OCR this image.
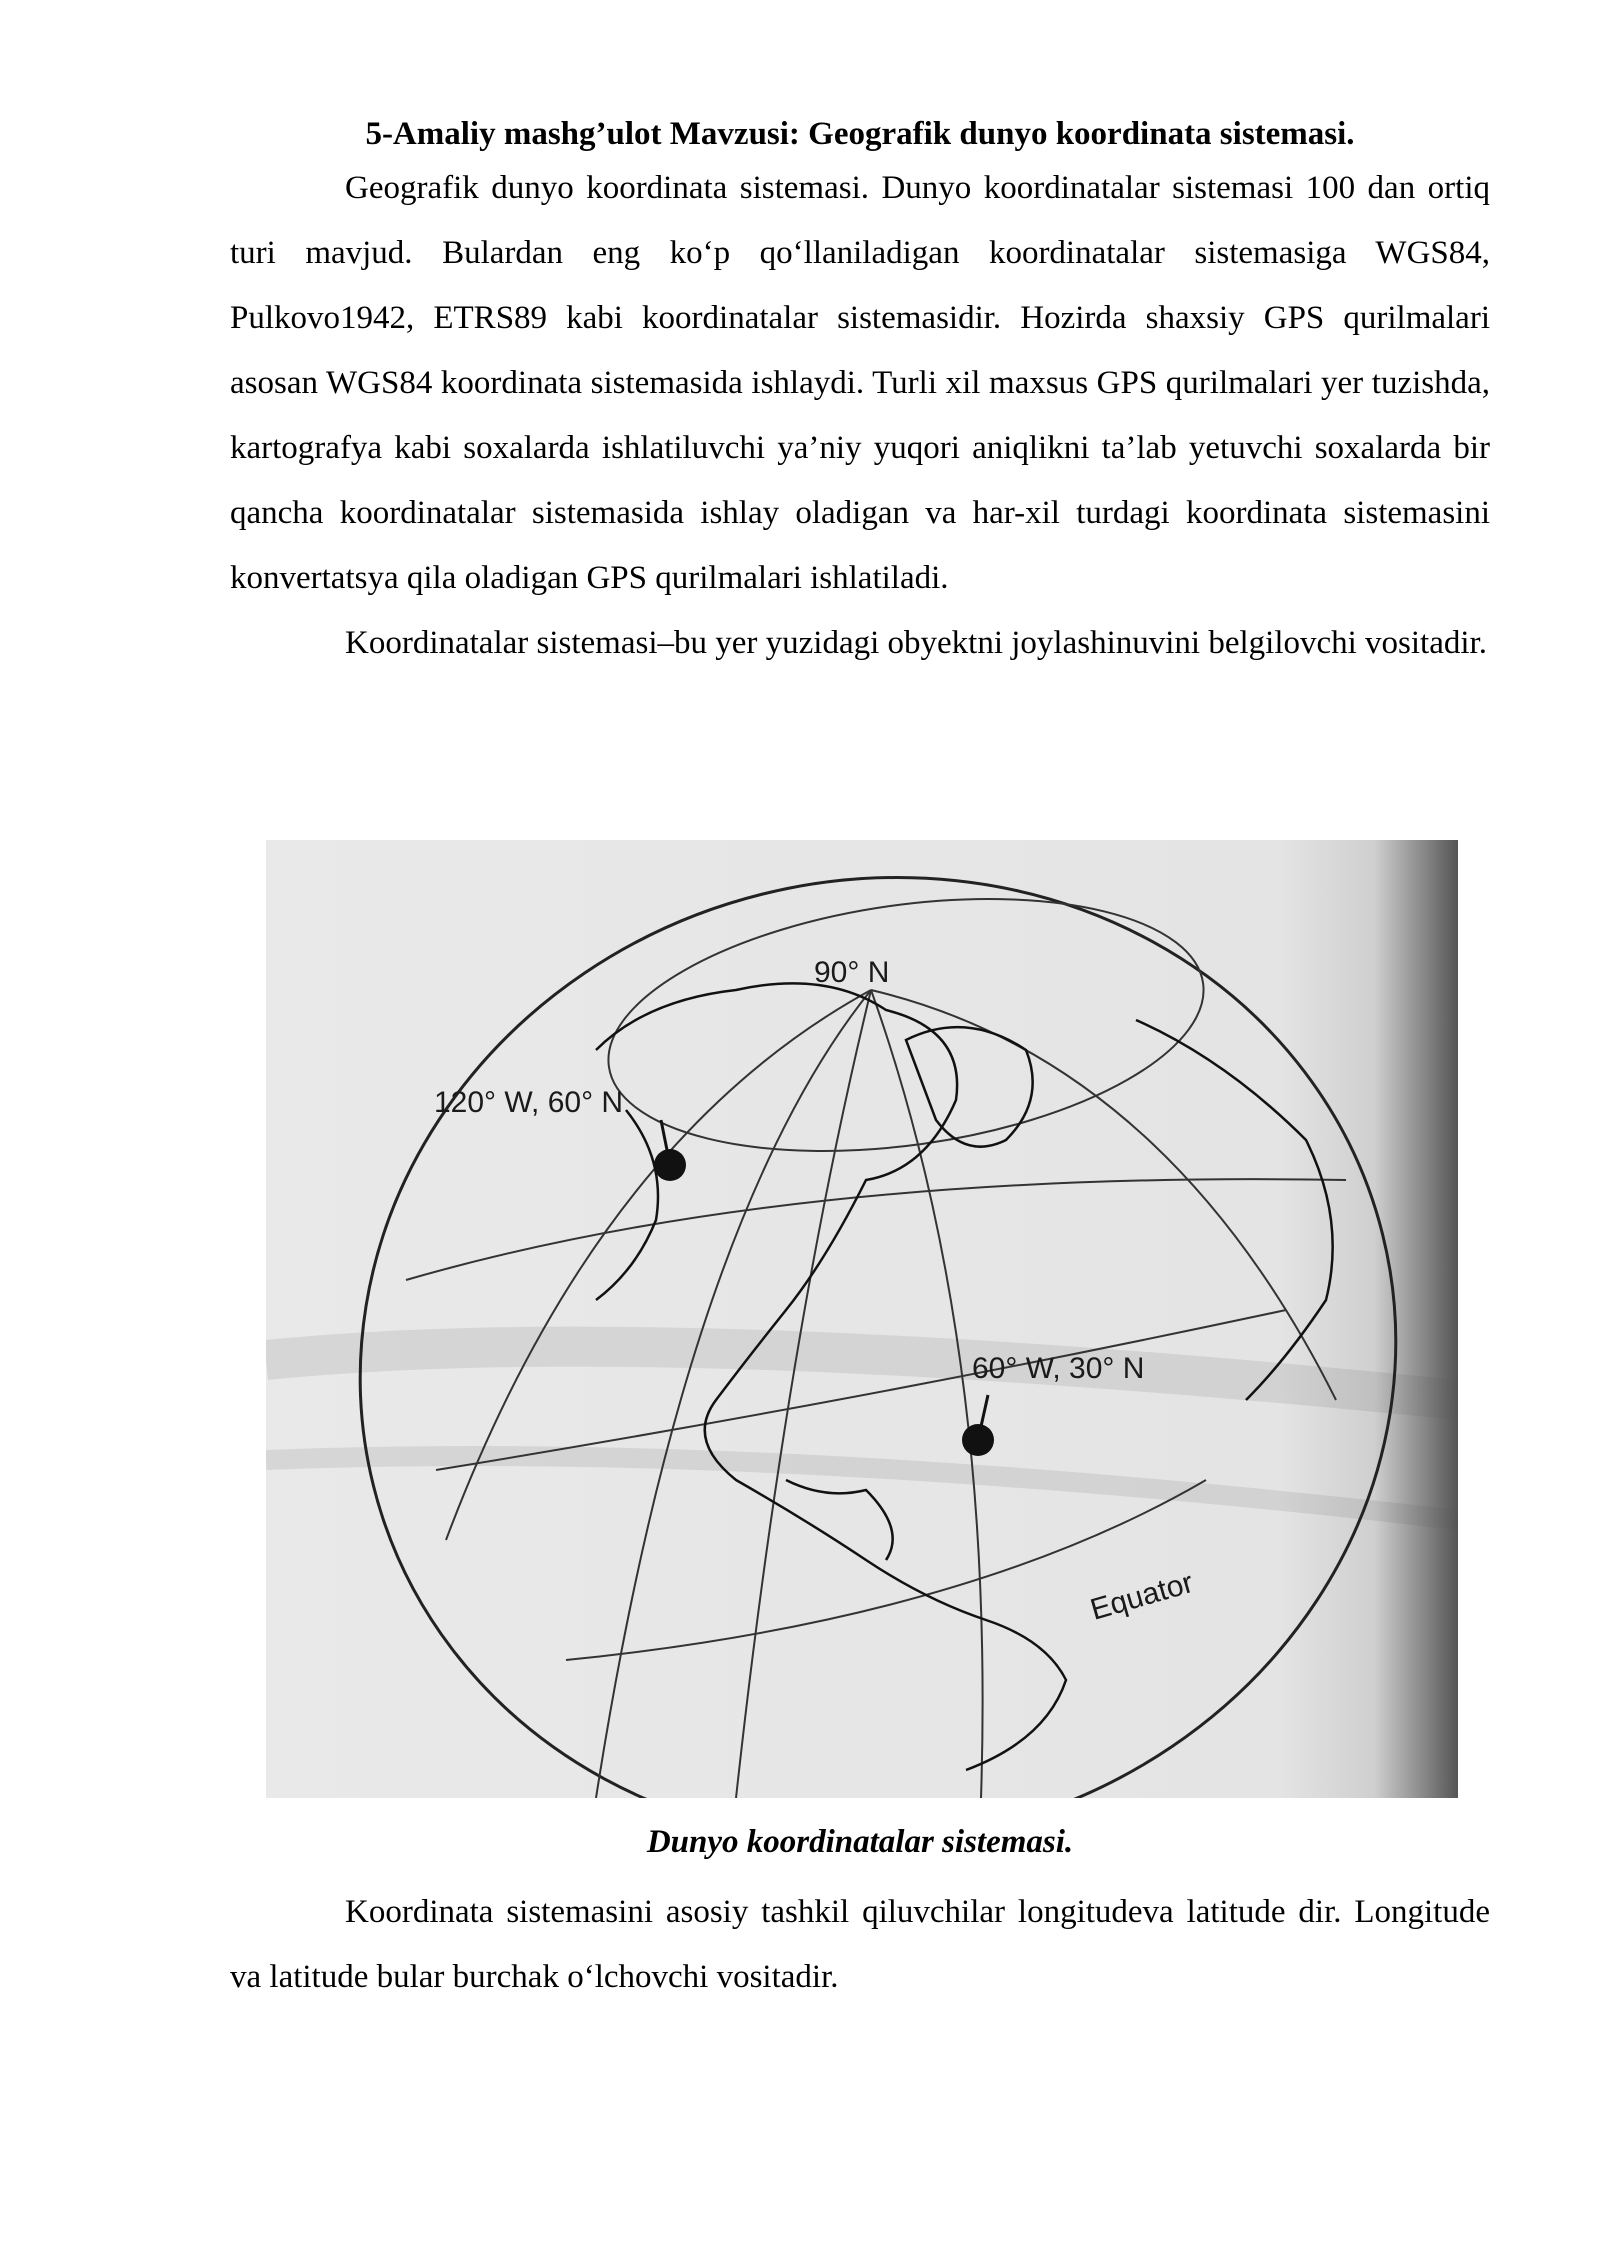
5-Amaliy mashg’ulot Mavzusi: Geografik dunyo koordinata sistemasi.

Geografik dunyo koordinata sistemasi. Dunyo koordinatalar sistemasi 100 dan ortiq turi mavjud. Bulardan eng ko‘p qo‘llaniladigan koordinatalar sistemasiga WGS84, Pulkovo1942, ETRS89 kabi koordinatalar sistemasidir. Hozirda shaxsiy GPS qurilmalari asosan WGS84 koordinata sistemasida ishlaydi. Turli xil maxsus GPS qurilmalari yer tuzishda, kartografya kabi soxalarda ishlatiluvchi ya’niy yuqori aniqlikni ta’lab yetuvchi soxalarda bir qancha koordinatalar sistemasida ishlay oladigan va har-xil turdagi koordinata sistemasini konvertatsya qila oladigan GPS qurilmalari ishlatiladi.

Koordinatalar sistemasi–bu yer yuzidagi obyektni joylashinuvini belgilovchi vositadir.

90° N
120° W, 60° N
60° W, 30° N
Equator
Dunyo koordinatalar sistemasi.

Koordinata sistemasini asosiy tashkil qiluvchilar longitudeva latitude dir. Longitude va latitude bular burchak o‘lchovchi vositadir.
